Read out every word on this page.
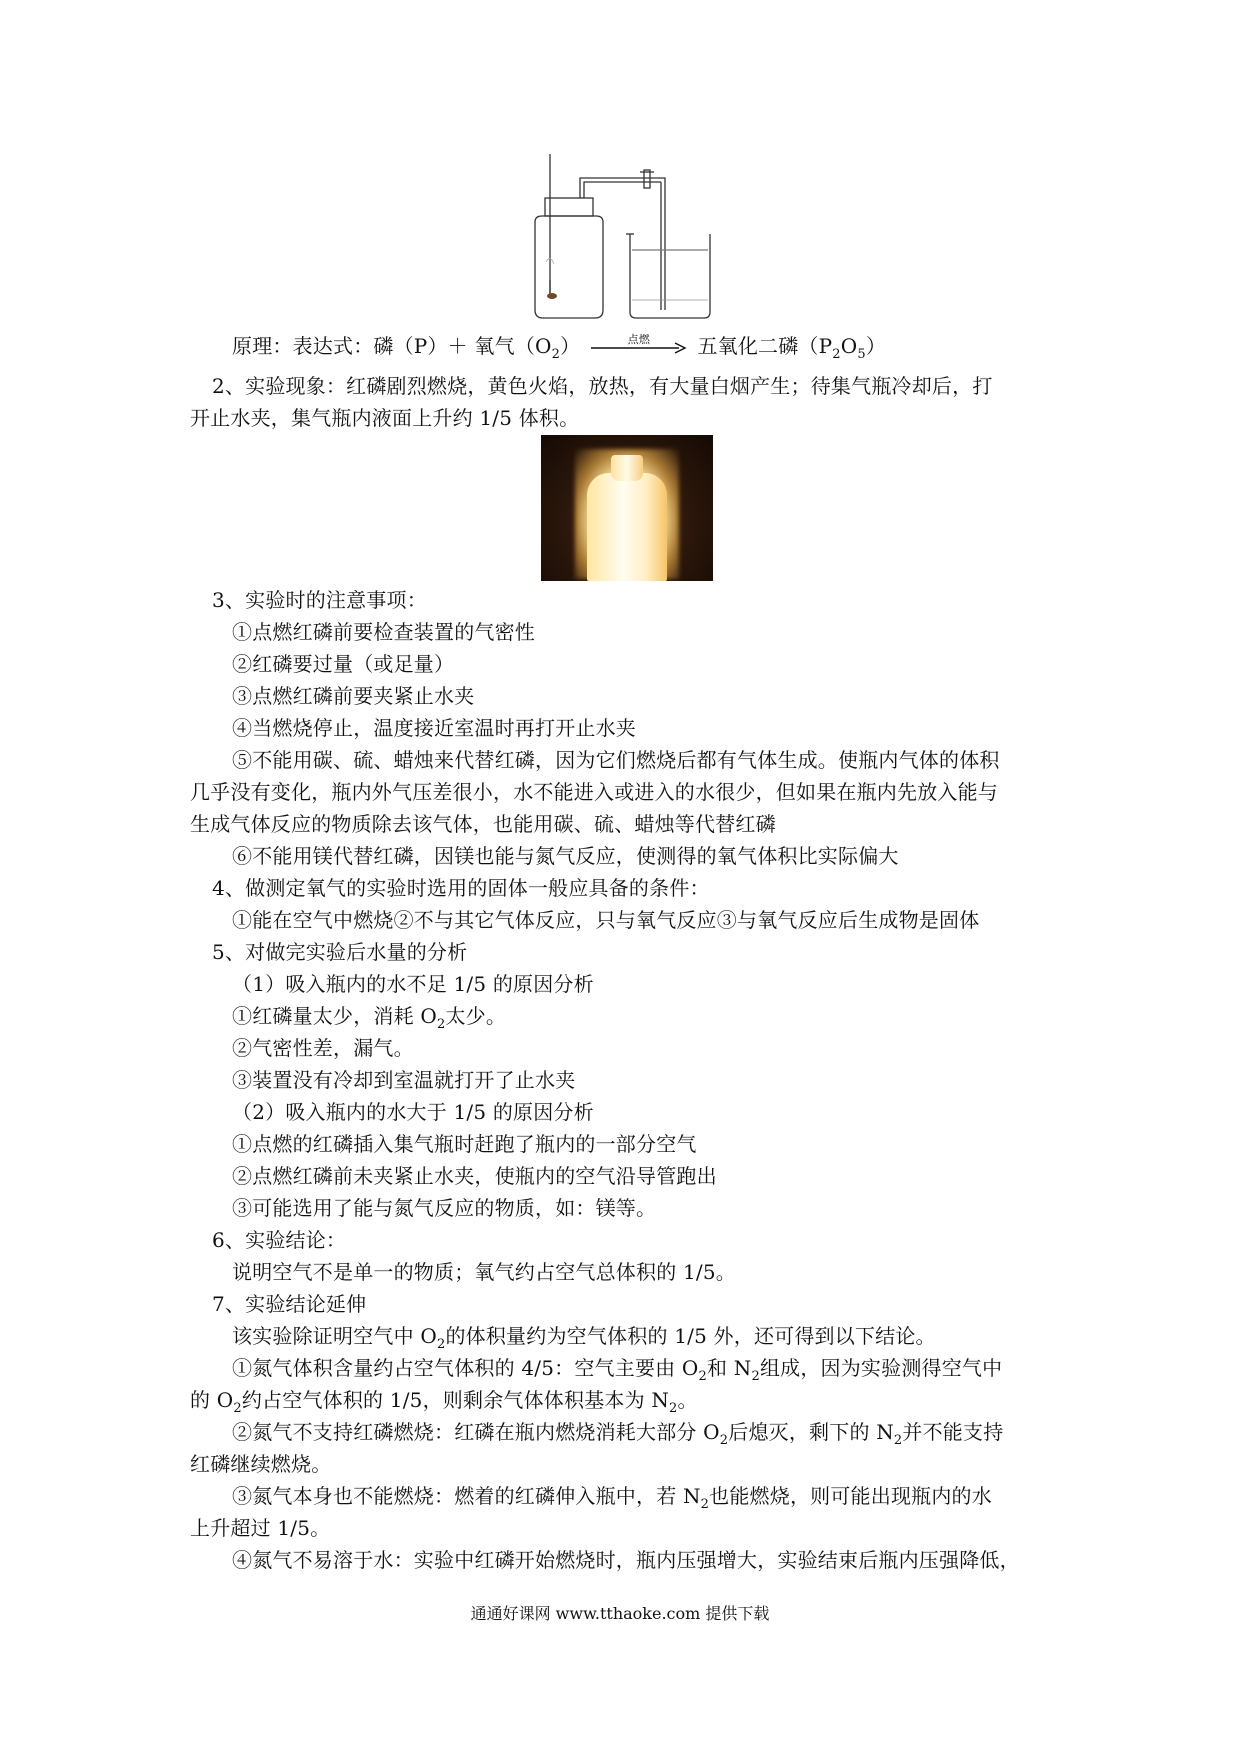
原理：表达式：磷（P）＋ 氧气$(O_2)$	点燃	五氧化二磷$(P_2O_5)$
2、实验现象：红磷剧烈燃烧，黄色火焰，放热，有大量白烟产生；待集气瓶冷却后，打
开止水夹，集气瓶内液面上升约 1/5 体积。
3、实验时的注意事项：
①点燃红磷前要检查装置的气密性
②红磷要过量（或足量）
③点燃红磷前要夹紧止水夹
④当燃烧停止，温度接近室温时再打开止水夹
⑤不能用碳、硫、蜡烛来代替红磷，因为它们燃烧后都有气体生成。使瓶内气体的体积
几乎没有变化，瓶内外气压差很小，水不能进入或进入的水很少，但如果在瓶内先放入能与
生成气体反应的物质除去该气体，也能用碳、硫、蜡烛等代替红磷
⑥不能用镁代替红磷，因镁也能与氮气反应，使测得的氧气体积比实际偏大
4、做测定氧气的实验时选用的固体一般应具备的条件：
①能在空气中燃烧②不与其它气体反应，只与氧气反应③与氧气反应后生成物是固体
5、对做完实验后水量的分析
（1）吸入瓶内的水不足 1/5 的原因分析
①红磷量太少，消耗 $O_2$太少。
②气密性差，漏气。
③装置没有冷却到室温就打开了止水夹
（2）吸入瓶内的水大于 1/5 的原因分析
①点燃的红磷插入集气瓶时赶跑了瓶内的一部分空气
②点燃红磷前未夹紧止水夹，使瓶内的空气沿导管跑出
③可能选用了能与氮气反应的物质，如：镁等。
6、实验结论：
说明空气不是单一的物质；氧气约占空气总体积的 1/5。
7、实验结论延伸
该实验除证明空气中 $O_2$的体积量约为空气体积的 1/5 外，还可得到以下结论。
①氮气体积含量约占空气体积的 4/5：空气主要由 $O_2$和 $N_2$组成，因为实验测得空气中
的 $O_2$约占空气体积的 1/5，则剩余气体体积基本为 $N_2$。
②氮气不支持红磷燃烧：红磷在瓶内燃烧消耗大部分 $O_2$后熄灭，剩下的 $N_2$并不能支持
红磷继续燃烧。
③氮气本身也不能燃烧：燃着的红磷伸入瓶中，若 $N_2$也能燃烧，则可能出现瓶内的水
上升超过 1/5。
④氮气不易溶于水：实验中红磷开始燃烧时，瓶内压强增大，实验结束后瓶内压强降低，
通通好课网 www.tthaoke.com 提供下载
